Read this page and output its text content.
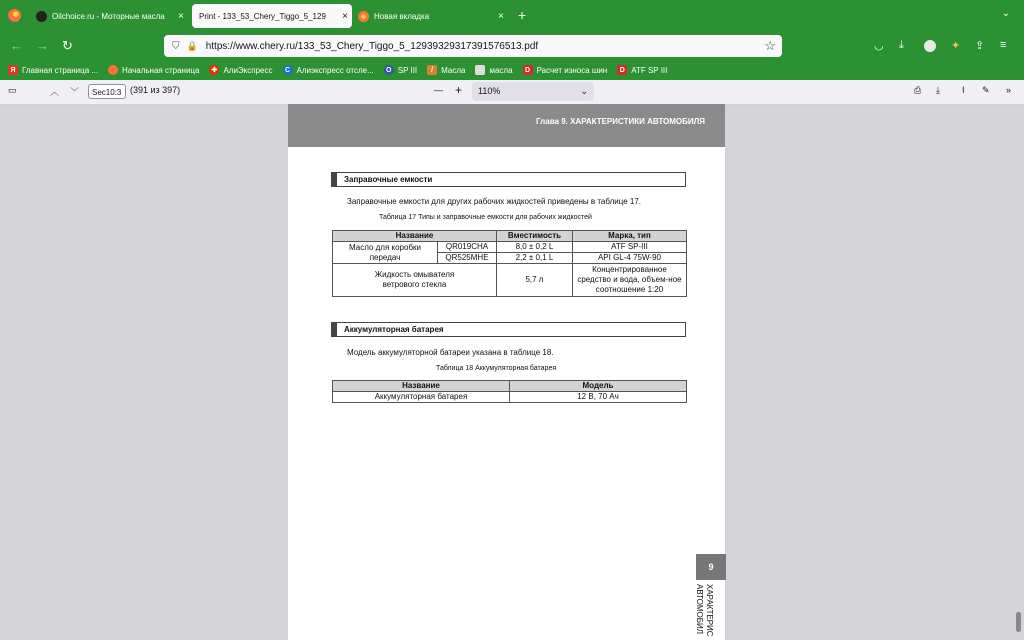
Oilchoice.ru - Моторные масла × Print - 133_53_Chery_Tiggo_5_129 ×	Новая вкладка	× +	⌄
← → ↻	⛉ 🔒 https://www.chery.ru/133_53_Chery_Tiggo_5_12939329317391576513.pdf	☆	◡ ⤓	✦ ⇪ ≡
Я Главная страница ...	Начальная страница ✚ АлиЭкспресс	C Алиэкспресс отсле...	O SP III	/	Масла	масла	D Расчет износа шин	D ATF SP III
▭	︿ ﹀	Sec10:3 (391 из 397)	— +	110%	⌄	⎙ ⤓ I ✎ »
Глава 9. ХАРАКТЕРИСТИКИ АВТОМОБИЛЯ
Заправочные емкости
Заправочные емкости для других рабочих жидкостей приведены в таблице 17.
Таблица 17 Типы и заправочные емкости для рабочих жидкостей
Название		Вместимость	Марка, тип
Масло для коробки передач	QR019CHA	8,0 ± 0,2 L	ATF SP-III
	QR525MHE	2,2 ± 0,1 L	API GL-4 75W-90
Жидкость омывателя ветрового стекла		5,7 л	Концентрированное средство и вода, объем-ное соотношение 1:20
Аккумуляторная батарея
Модель аккумуляторной батареи указана в таблице 18.
Таблица 18 Аккумуляторная батарея
Название	Модель
Аккумуляторная батарея	12 В, 70 Ач
9
ХАРАКТЕРИС АВТОМОБИЛ
